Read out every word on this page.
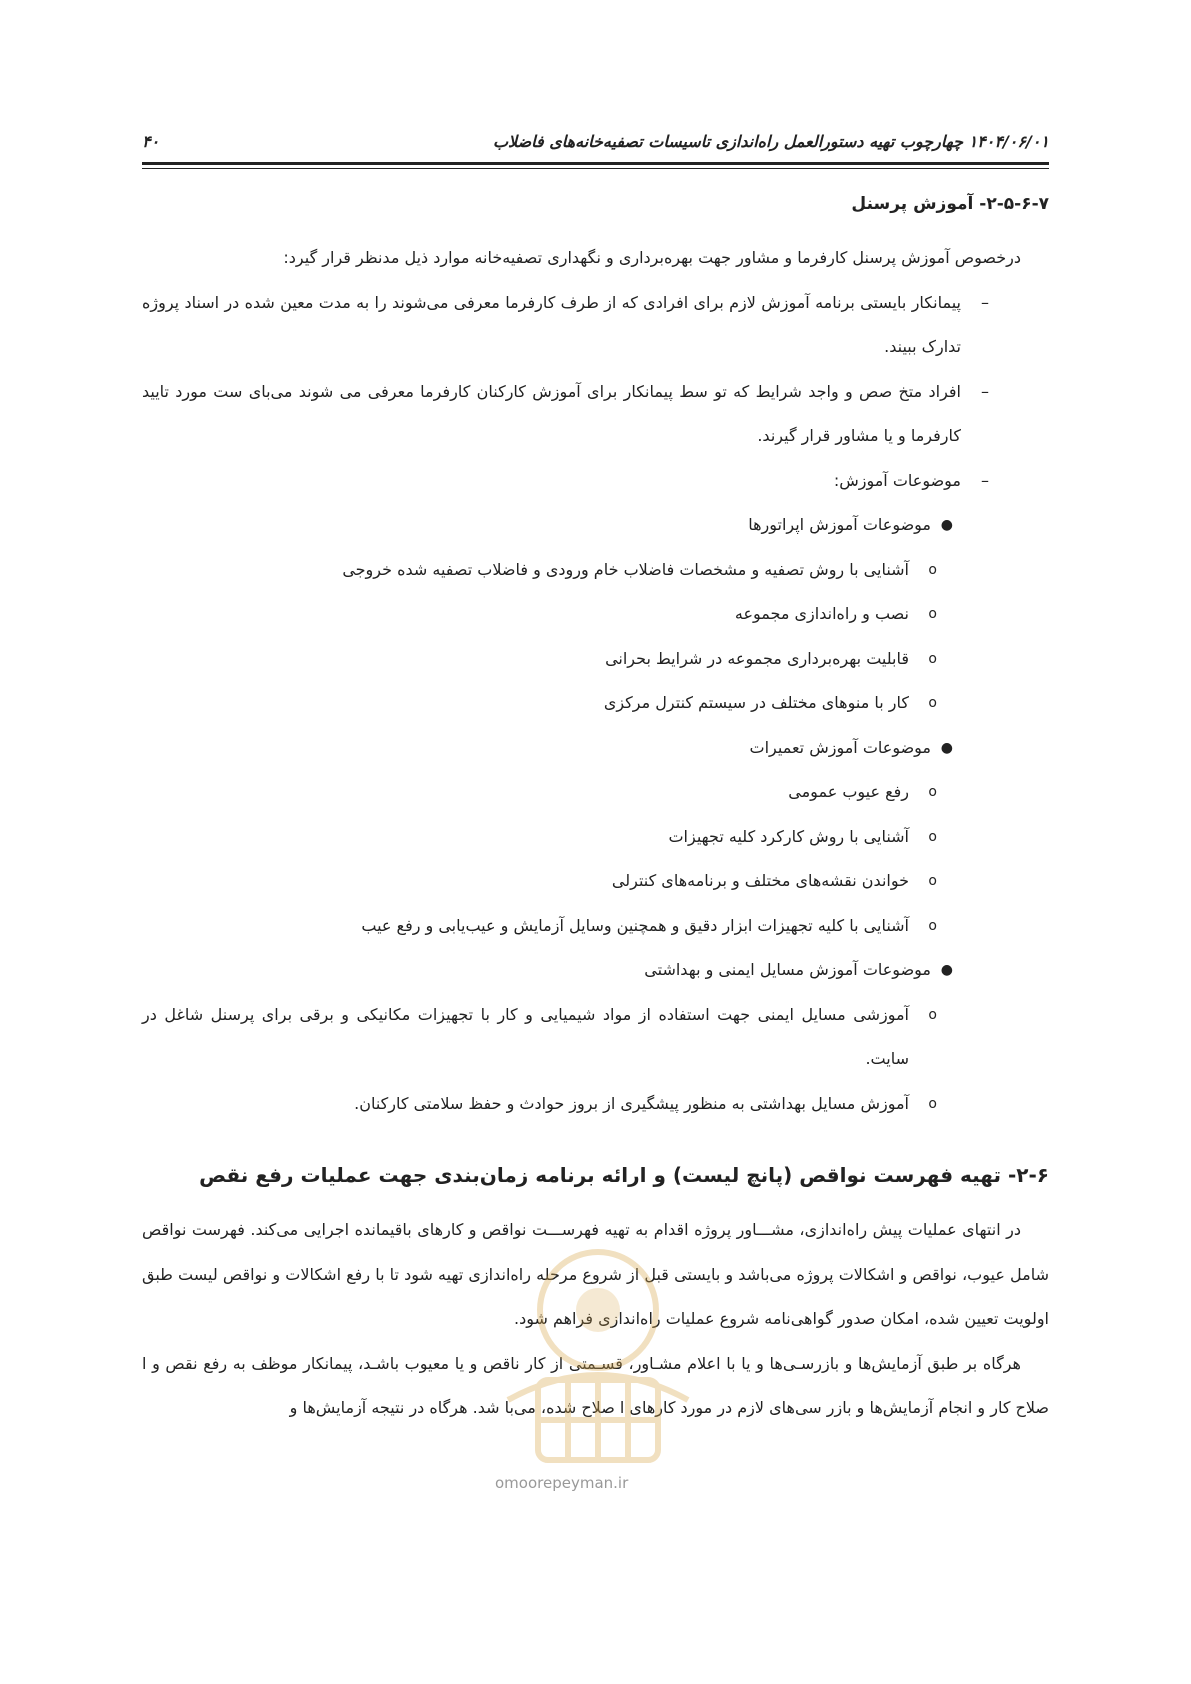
۱۴۰۴/۰۶/۰۱ چهارچوب تهیه دستورالعمل راه‌اندازی تاسیسات تصفیه‌خانه‌های فاضلاب
۴۰
۲-۵-۶-۷- آموزش پرسنل

درخصوص آموزش پرسنل کارفرما و مشاور جهت بهره‌برداری و نگهداری تصفیه‌خانه موارد ذیل مدنظر قرار گیرد:

–
پیمانکار بایستی برنامه آموزش لازم برای افرادی که از طرف کارفرما معرفی می‌شوند را به مدت معین شده در اسناد پروژه تدارک ببیند.
–
افراد متخ صص و واجد شرایط که تو سط پیمانکار برای آموزش کارکنان کارفرما معرفی می شوند می‌بای ست مورد تایید کارفرما و یا مشاور قرار گیرند.
–
موضوعات آموزش:
●
موضوعات آموزش اپراتورها
o
آشنایی با روش تصفیه و مشخصات فاضلاب خام ورودی و فاضلاب تصفیه شده خروجی
o
نصب و راه‌اندازی مجموعه
o
قابلیت بهره‌برداری مجموعه در شرایط بحرانی
o
کار با منوهای مختلف در سیستم کنترل مرکزی
●
موضوعات آموزش تعمیرات
o
رفع عیوب عمومی
o
آشنایی با روش کارکرد کلیه تجهیزات
o
خواندن نقشه‌های مختلف و برنامه‌های کنترلی
o
آشنایی با کلیه تجهیزات ابزار دقیق و همچنین وسایل آزمایش و عیب‌یابی و رفع عیب
●
موضوعات آموزش مسایل ایمنی و بهداشتی
o
آموزشی مسایل ایمنی جهت استفاده از مواد شیمیایی و کار با تجهیزات مکانیکی و برقی برای پرسنل شاغل در سایت.
o
آموزش مسایل بهداشتی به منظور پیشگیری از بروز حوادث و حفظ سلامتی کارکنان.
۲-۶- تهیه فهرست نواقص (پانچ لیست) و ارائه برنامه زمان‌بندی جهت عملیات رفع نقص

در انتهای عملیات پیش راه‌اندازی، مشـــاور پروژه اقدام به تهیه فهرســـت نواقص و کارهای باقیمانده اجرایی می‌کند. فهرست نواقص شامل عیوب، نواقص و اشکالات پروژه می‌باشد و بایستی قبل از شروع مرحله راه‌اندازی تهیه شود تا با رفع اشکالات و نواقص لیست طبق اولویت تعیین شده، امکان صدور گواهی‌نامه شروع عملیات راه‌اندازی فراهم شود.

هرگاه بر طبق آزمایش‌ها و بازرسـی‌ها و یا با اعلام مشـاور، قسـمتی از کار ناقص و یا معیوب باشـد، پیمانکار موظف به رفع نقص و ا صلاح کار و انجام آزمایش‌ها و بازر سی‌های لازم در مورد کارهای ا صلاح شده، می‌با شد. هرگاه در نتیجه آزمایش‌ها و

omoorepeyman.ir
